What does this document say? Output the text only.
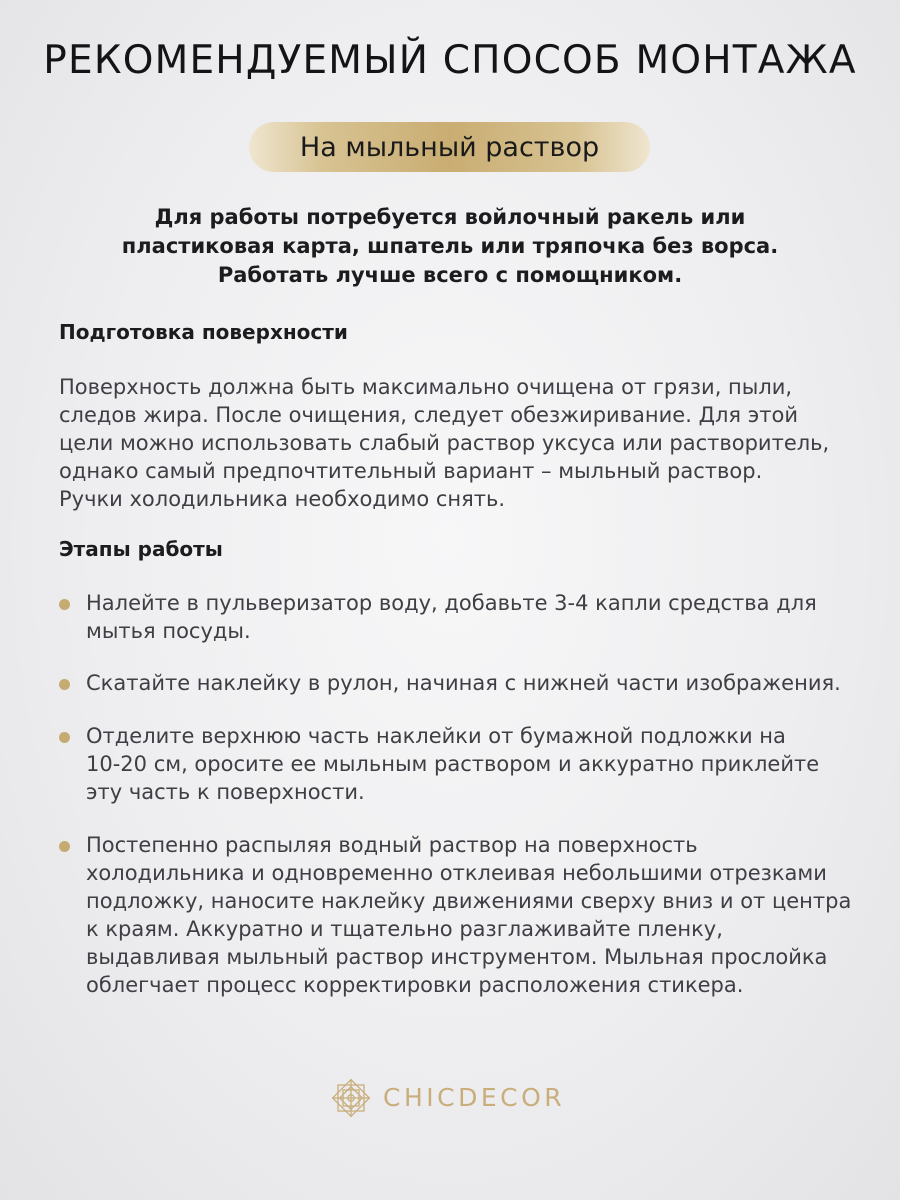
РЕКОМЕНДУЕМЫЙ СПОСОБ МОНТАЖА
На мыльный раствор
Для работы потребуется войлочный ракель или
пластиковая карта, шпатель или тряпочка без ворса.
Работать лучше всего с помощником.
Подготовка поверхности
Поверхность должна быть максимально очищена от грязи, пыли,
следов жира. После очищения, следует обезжиривание. Для этой
цели можно использовать слабый раствор уксуса или растворитель,
однако самый предпочтительный вариант – мыльный раствор.
Ручки холодильника необходимо снять.
Этапы работы
Налейте в пульверизатор воду, добавьте 3-4 капли средства для
мытья посуды.
Скатайте наклейку в рулон, начиная с нижней части изображения.
Отделите верхнюю часть наклейки от бумажной подложки на
10-20 см, оросите ее мыльным раствором и аккуратно приклейте
эту часть к поверхности.
Постепенно распыляя водный раствор на поверхность
холодильника и одновременно отклеивая небольшими отрезками
подложку, наносите наклейку движениями сверху вниз и от центра
к краям. Аккуратно и тщательно разглаживайте пленку,
выдавливая мыльный раствор инструментом. Мыльная прослойка
облегчает процесс корректировки расположения стикера.
CHICDECOR
